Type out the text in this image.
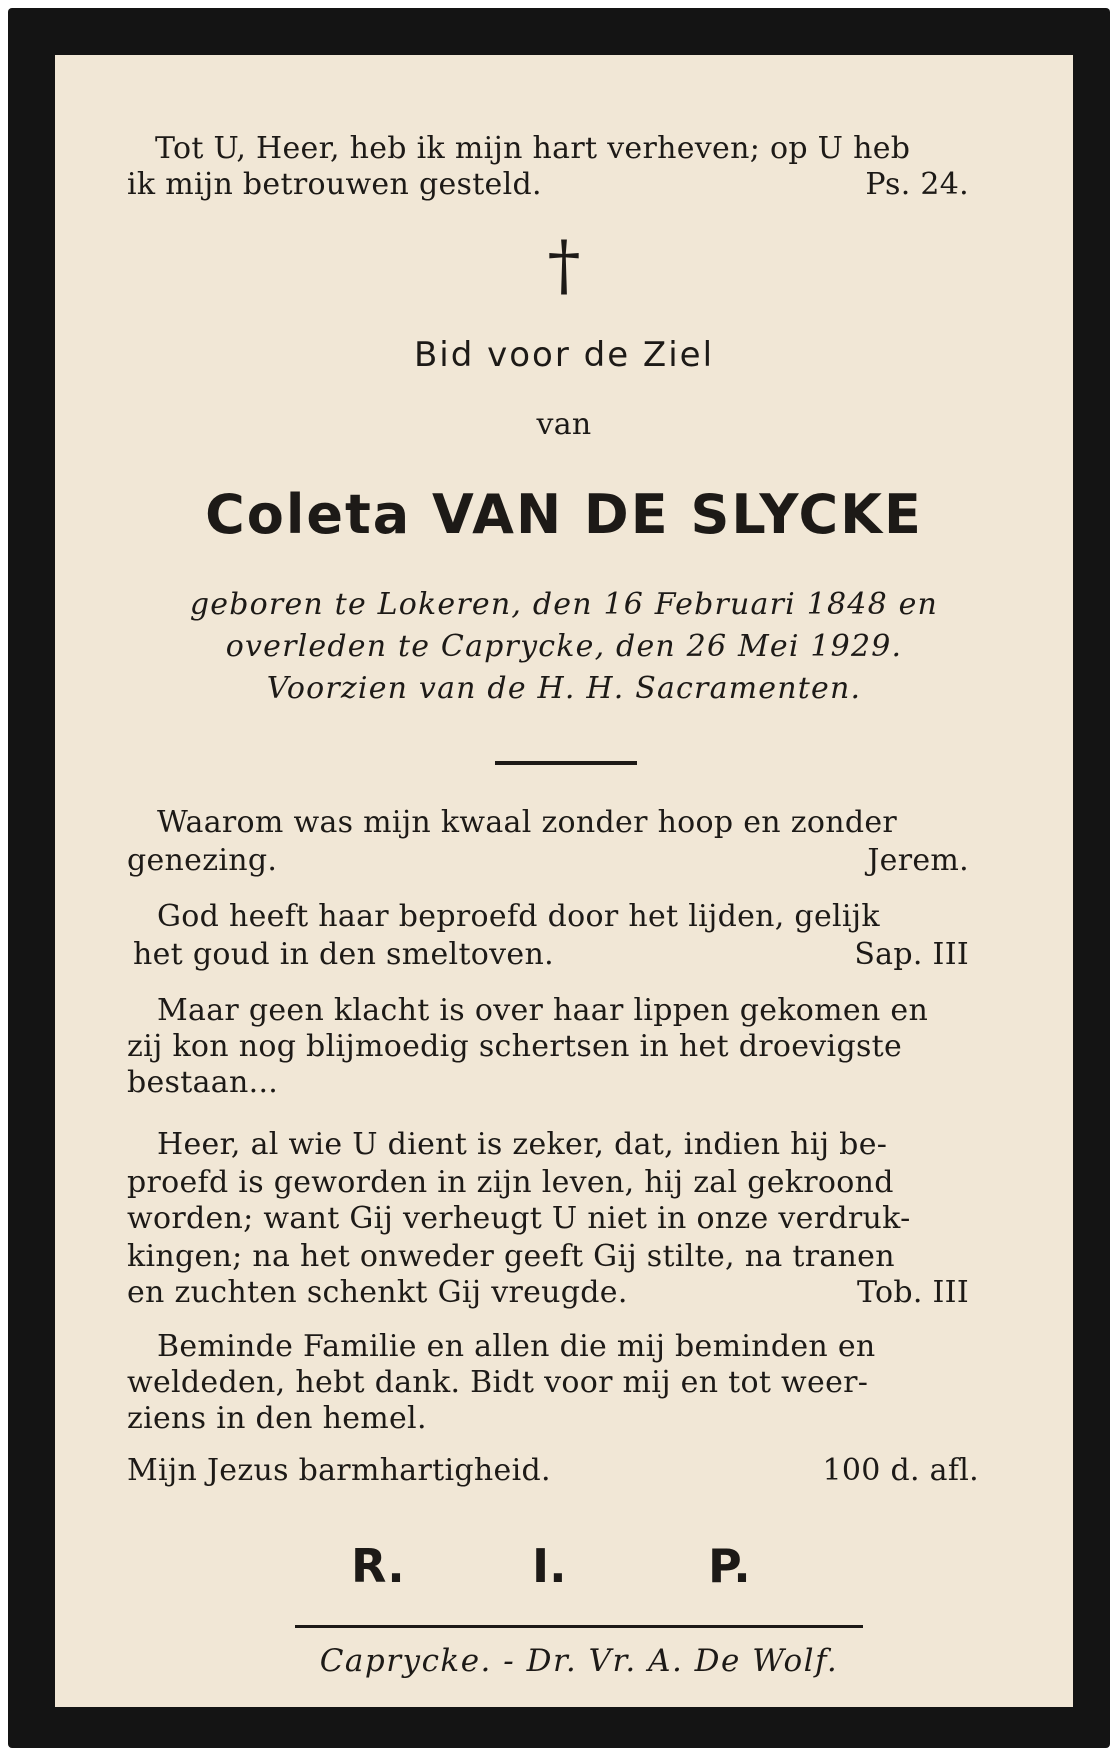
Tot U, Heer, heb ik mijn hart verheven; op U heb
ik mijn betrouwen gesteld.	Ps. 24.
†
Bid voor de Ziel
van
Coleta VAN DE SLYCKE
geboren te Lokeren, den 16 Februari 1848 en
overleden te Caprycke, den 26 Mei 1929.
Voorzien van de H. H. Sacramenten.
Waarom was mijn kwaal zonder hoop en zonder
genezing.	Jerem.
God heeft haar beproefd door het lijden, gelijk
het goud in den smeltoven.	Sap. III
Maar geen klacht is over haar lippen gekomen en
zij kon nog blijmoedig schertsen in het droevigste
bestaan...
Heer, al wie U dient is zeker, dat, indien hij be-
proefd is geworden in zijn leven, hij zal gekroond
worden; want Gij verheugt U niet in onze verdruk-
kingen; na het onweder geeft Gij stilte, na tranen
en zuchten schenkt Gij vreugde.	Tob. III
Beminde Familie en allen die mij beminden en
weldeden, hebt dank. Bidt voor mij en tot weer-
ziens in den hemel.
Mijn Jezus barmhartigheid.	100 d. afl.
R.	I.	P.
Caprycke. - Dr. Vr. A. De Wolf.
